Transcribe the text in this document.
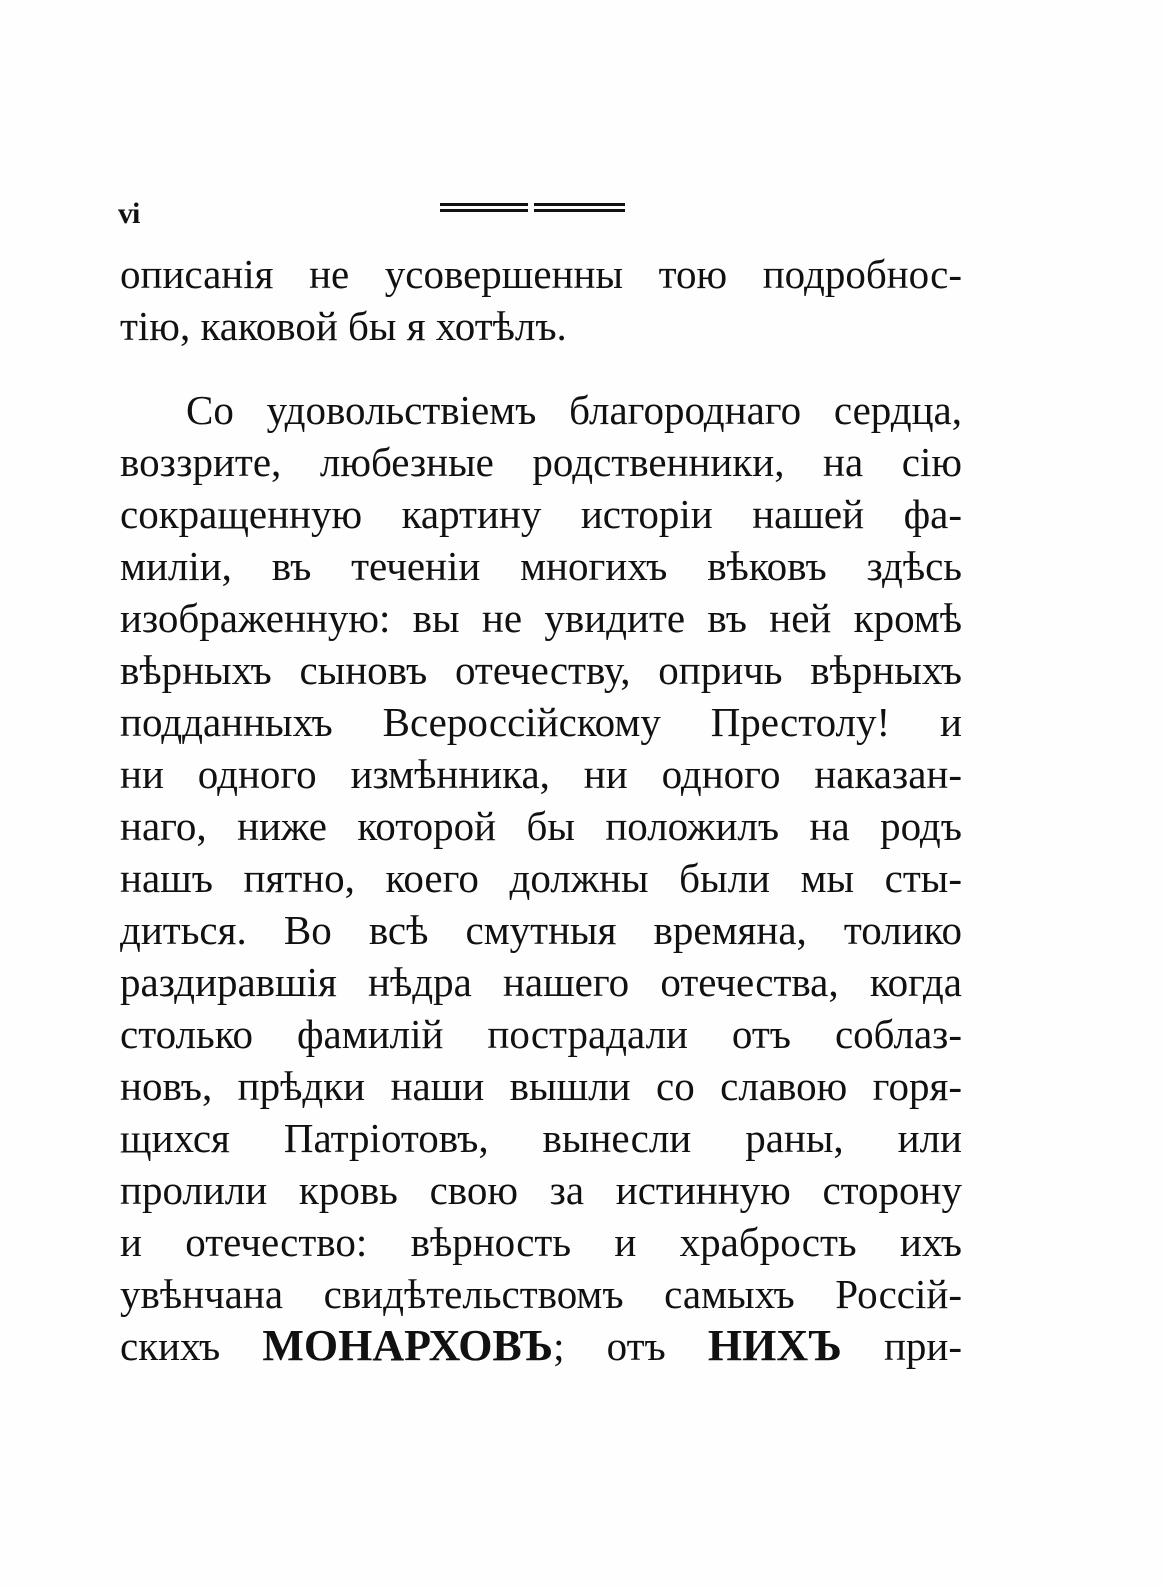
vi
описанія не усовершенны тою подробнос-
тію, каковой бы я хотѣлъ.
Со удовольствіемъ благороднаго сердца,
воззрите, любезные родственники, на сію
сокращенную картину исторіи нашей фа-
миліи, въ теченіи многихъ вѣковъ здѣсь
изображенную: вы не увидите въ ней кромѣ
вѣрныхъ сыновъ отечеству, опричь вѣрныхъ
подданныхъ Всероссійскому Престолу! и
ни одного измѣнника, ни одного наказан-
наго, ниже которой бы положилъ на родъ
нашъ пятно, коего должны были мы сты-
диться. Во всѣ смутныя времяна, толико
раздиравшія нѣдра нашего отечества, когда
столько фамилій пострадали отъ соблаз-
новъ, прѣдки наши вышли со славою горя-
щихся Патріотовъ, вынесли раны, или
пролили кровь свою за истинную сторону
и отечество: вѣрность и храбрость ихъ
увѣнчана свидѣтельствомъ самыхъ Россій-
скихъ МОНАРХОВЪ; отъ НИХЪ при-
